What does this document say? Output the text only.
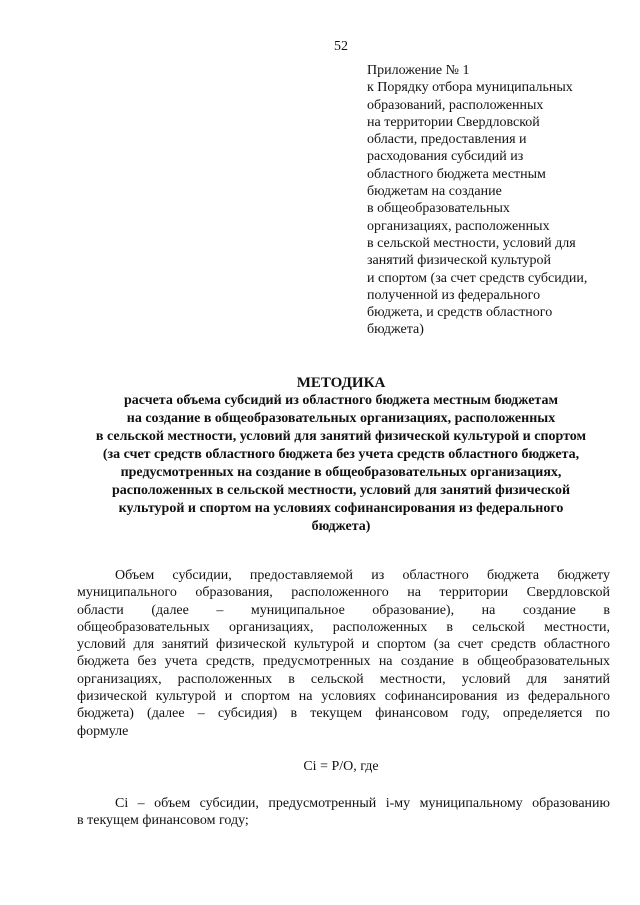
52
Приложение № 1
к Порядку отбора муниципальных
образований, расположенных
на территории Свердловской
области, предоставления и
расходования субсидий из
областного бюджета местным
бюджетам на создание
в общеобразовательных
организациях, расположенных
в сельской местности, условий для
занятий физической культурой
и спортом (за счет средств субсидии,
полученной из федерального
бюджета, и средств областного
бюджета)
МЕТОДИКА
расчета объема субсидий из областного бюджета местным бюджетам
на создание в общеобразовательных организациях, расположенных
в сельской местности, условий для занятий физической культурой и спортом
(за счет средств областного бюджета без учета средств областного бюджета,
предусмотренных на создание в общеобразовательных организациях,
расположенных в сельской местности, условий для занятий физической
культурой и спортом на условиях софинансирования из федерального
бюджета)
Объем субсидии, предоставляемой из областного бюджета бюджету
муниципального образования, расположенного на территории Свердловской
области (далее – муниципальное образование), на создание в
общеобразовательных организациях, расположенных в сельской местности,
условий для занятий физической культурой и спортом (за счет средств областного
бюджета без учета средств, предусмотренных на создание в общеобразовательных
организациях, расположенных в сельской местности, условий для занятий
физической культурой и спортом на условиях софинансирования из федерального
бюджета) (далее – субсидия) в текущем финансовом году, определяется по
формуле
Сi = Р/О, где
Сi – объем субсидии, предусмотренный i-му муниципальному образованию
в текущем финансовом году;
